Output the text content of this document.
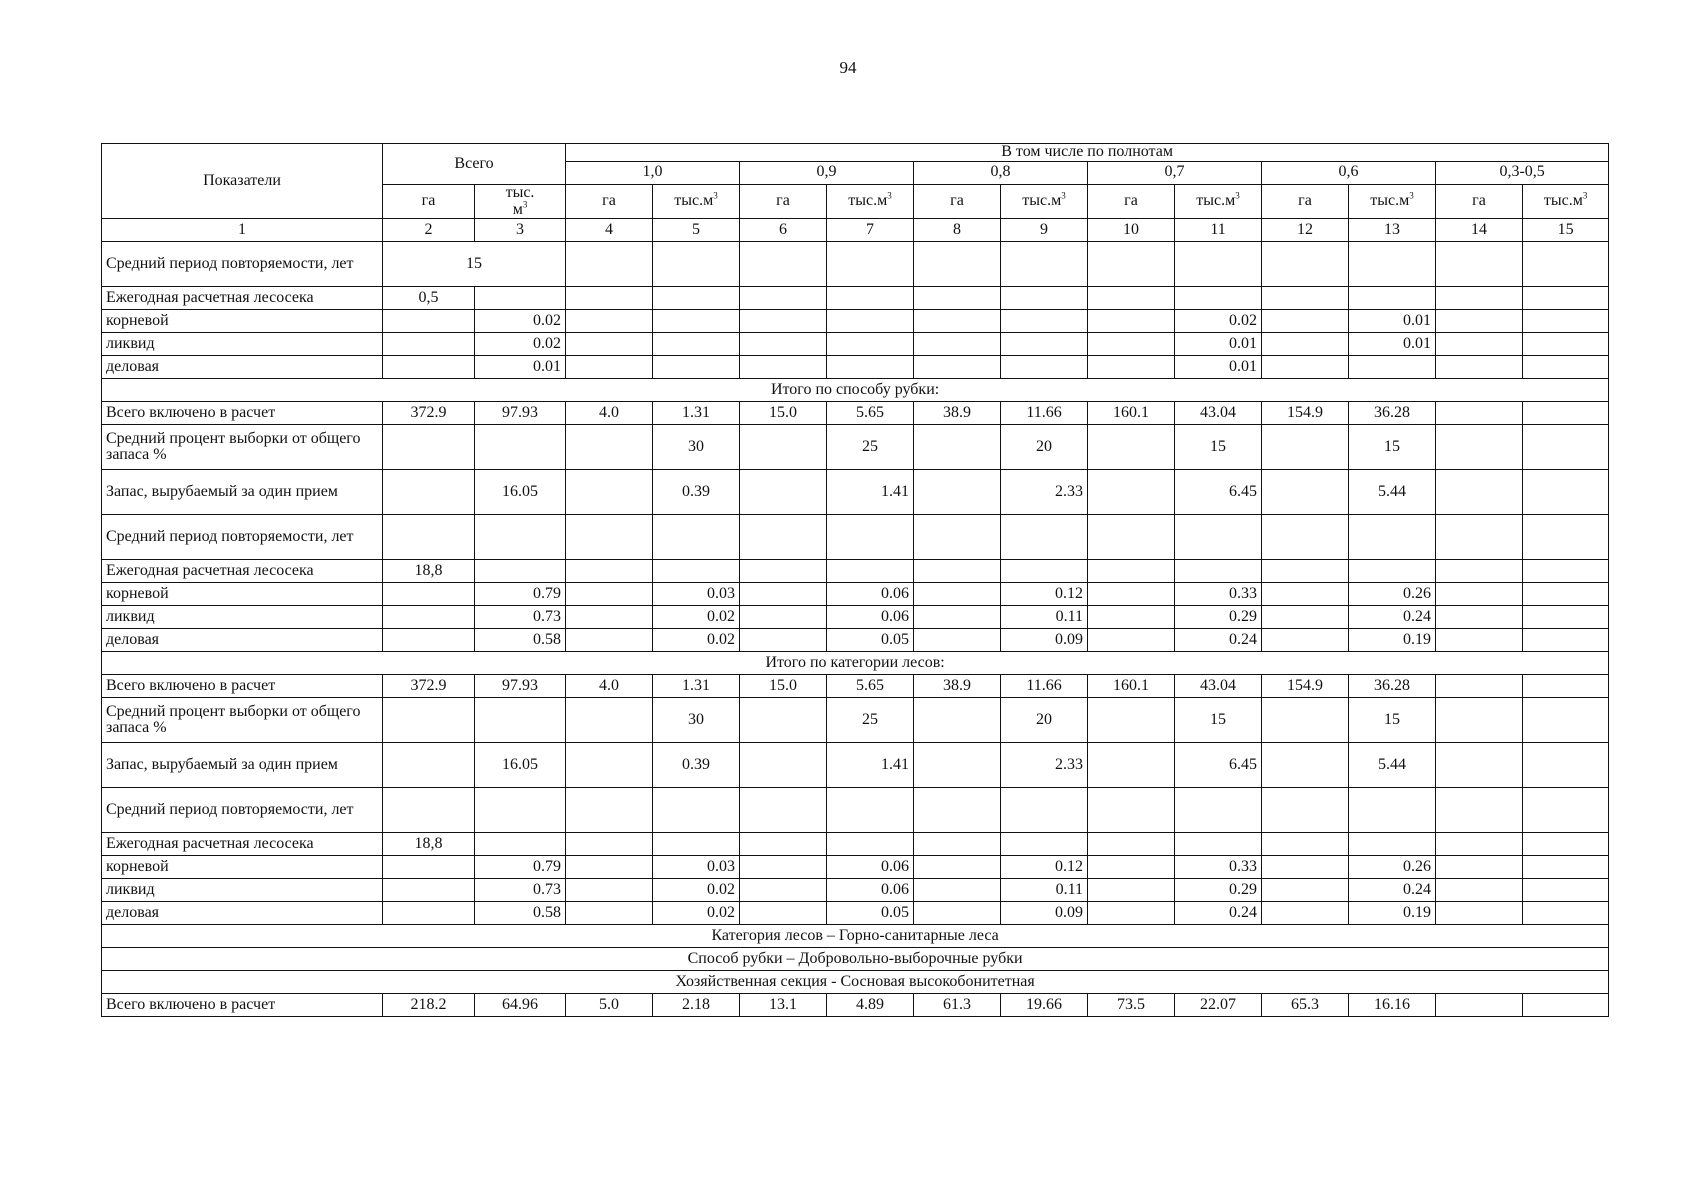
94
Показатели	Всего		В том числе по полнотам											
			1,0		0,9		0,8		0,7		0,6		0,3-0,5	
	га	тыс.
$м^3$	га	$тыс.м^3$	га	$тыс.м^3$	га	$тыс.м^3$	га	$тыс.м^3$	га	$тыс.м^3$	га	$тыс.м^3$
1	2	3	4	5	6	7	8	9	10	11	12	13	14	15
Средний период повторяемости, лет	15													
Ежегодная расчетная лесосека	0,5													
корневой		0.02								0.02		0.01		
ликвид		0.02								0.01		0.01		
деловая		0.01								0.01				
Итого по способу рубки:														
Всего включено в расчет	372.9	97.93	4.0	1.31	15.0	5.65	38.9	11.66	160.1	43.04	154.9	36.28		
Средний процент выборки от общего запаса %				30		25		20		15		15		
Запас, вырубаемый за один прием		16.05		0.39		1.41		2.33		6.45		5.44		
Средний период повторяемости, лет														
Ежегодная расчетная лесосека	18,8													
корневой		0.79		0.03		0.06		0.12		0.33		0.26		
ликвид		0.73		0.02		0.06		0.11		0.29		0.24		
деловая		0.58		0.02		0.05		0.09		0.24		0.19		
Итого по категории лесов:														
Всего включено в расчет	372.9	97.93	4.0	1.31	15.0	5.65	38.9	11.66	160.1	43.04	154.9	36.28		
Средний процент выборки от общего запаса %				30		25		20		15		15		
Запас, вырубаемый за один прием		16.05		0.39		1.41		2.33		6.45		5.44		
Средний период повторяемости, лет														
Ежегодная расчетная лесосека	18,8													
корневой		0.79		0.03		0.06		0.12		0.33		0.26		
ликвид		0.73		0.02		0.06		0.11		0.29		0.24		
деловая		0.58		0.02		0.05		0.09		0.24		0.19		
Категория лесов – Горно-санитарные леса														
Способ рубки – Добровольно-выборочные рубки														
Хозяйственная секция - Сосновая высокобонитетная														
Всего включено в расчет	218.2	64.96	5.0	2.18	13.1	4.89	61.3	19.66	73.5	22.07	65.3	16.16		
